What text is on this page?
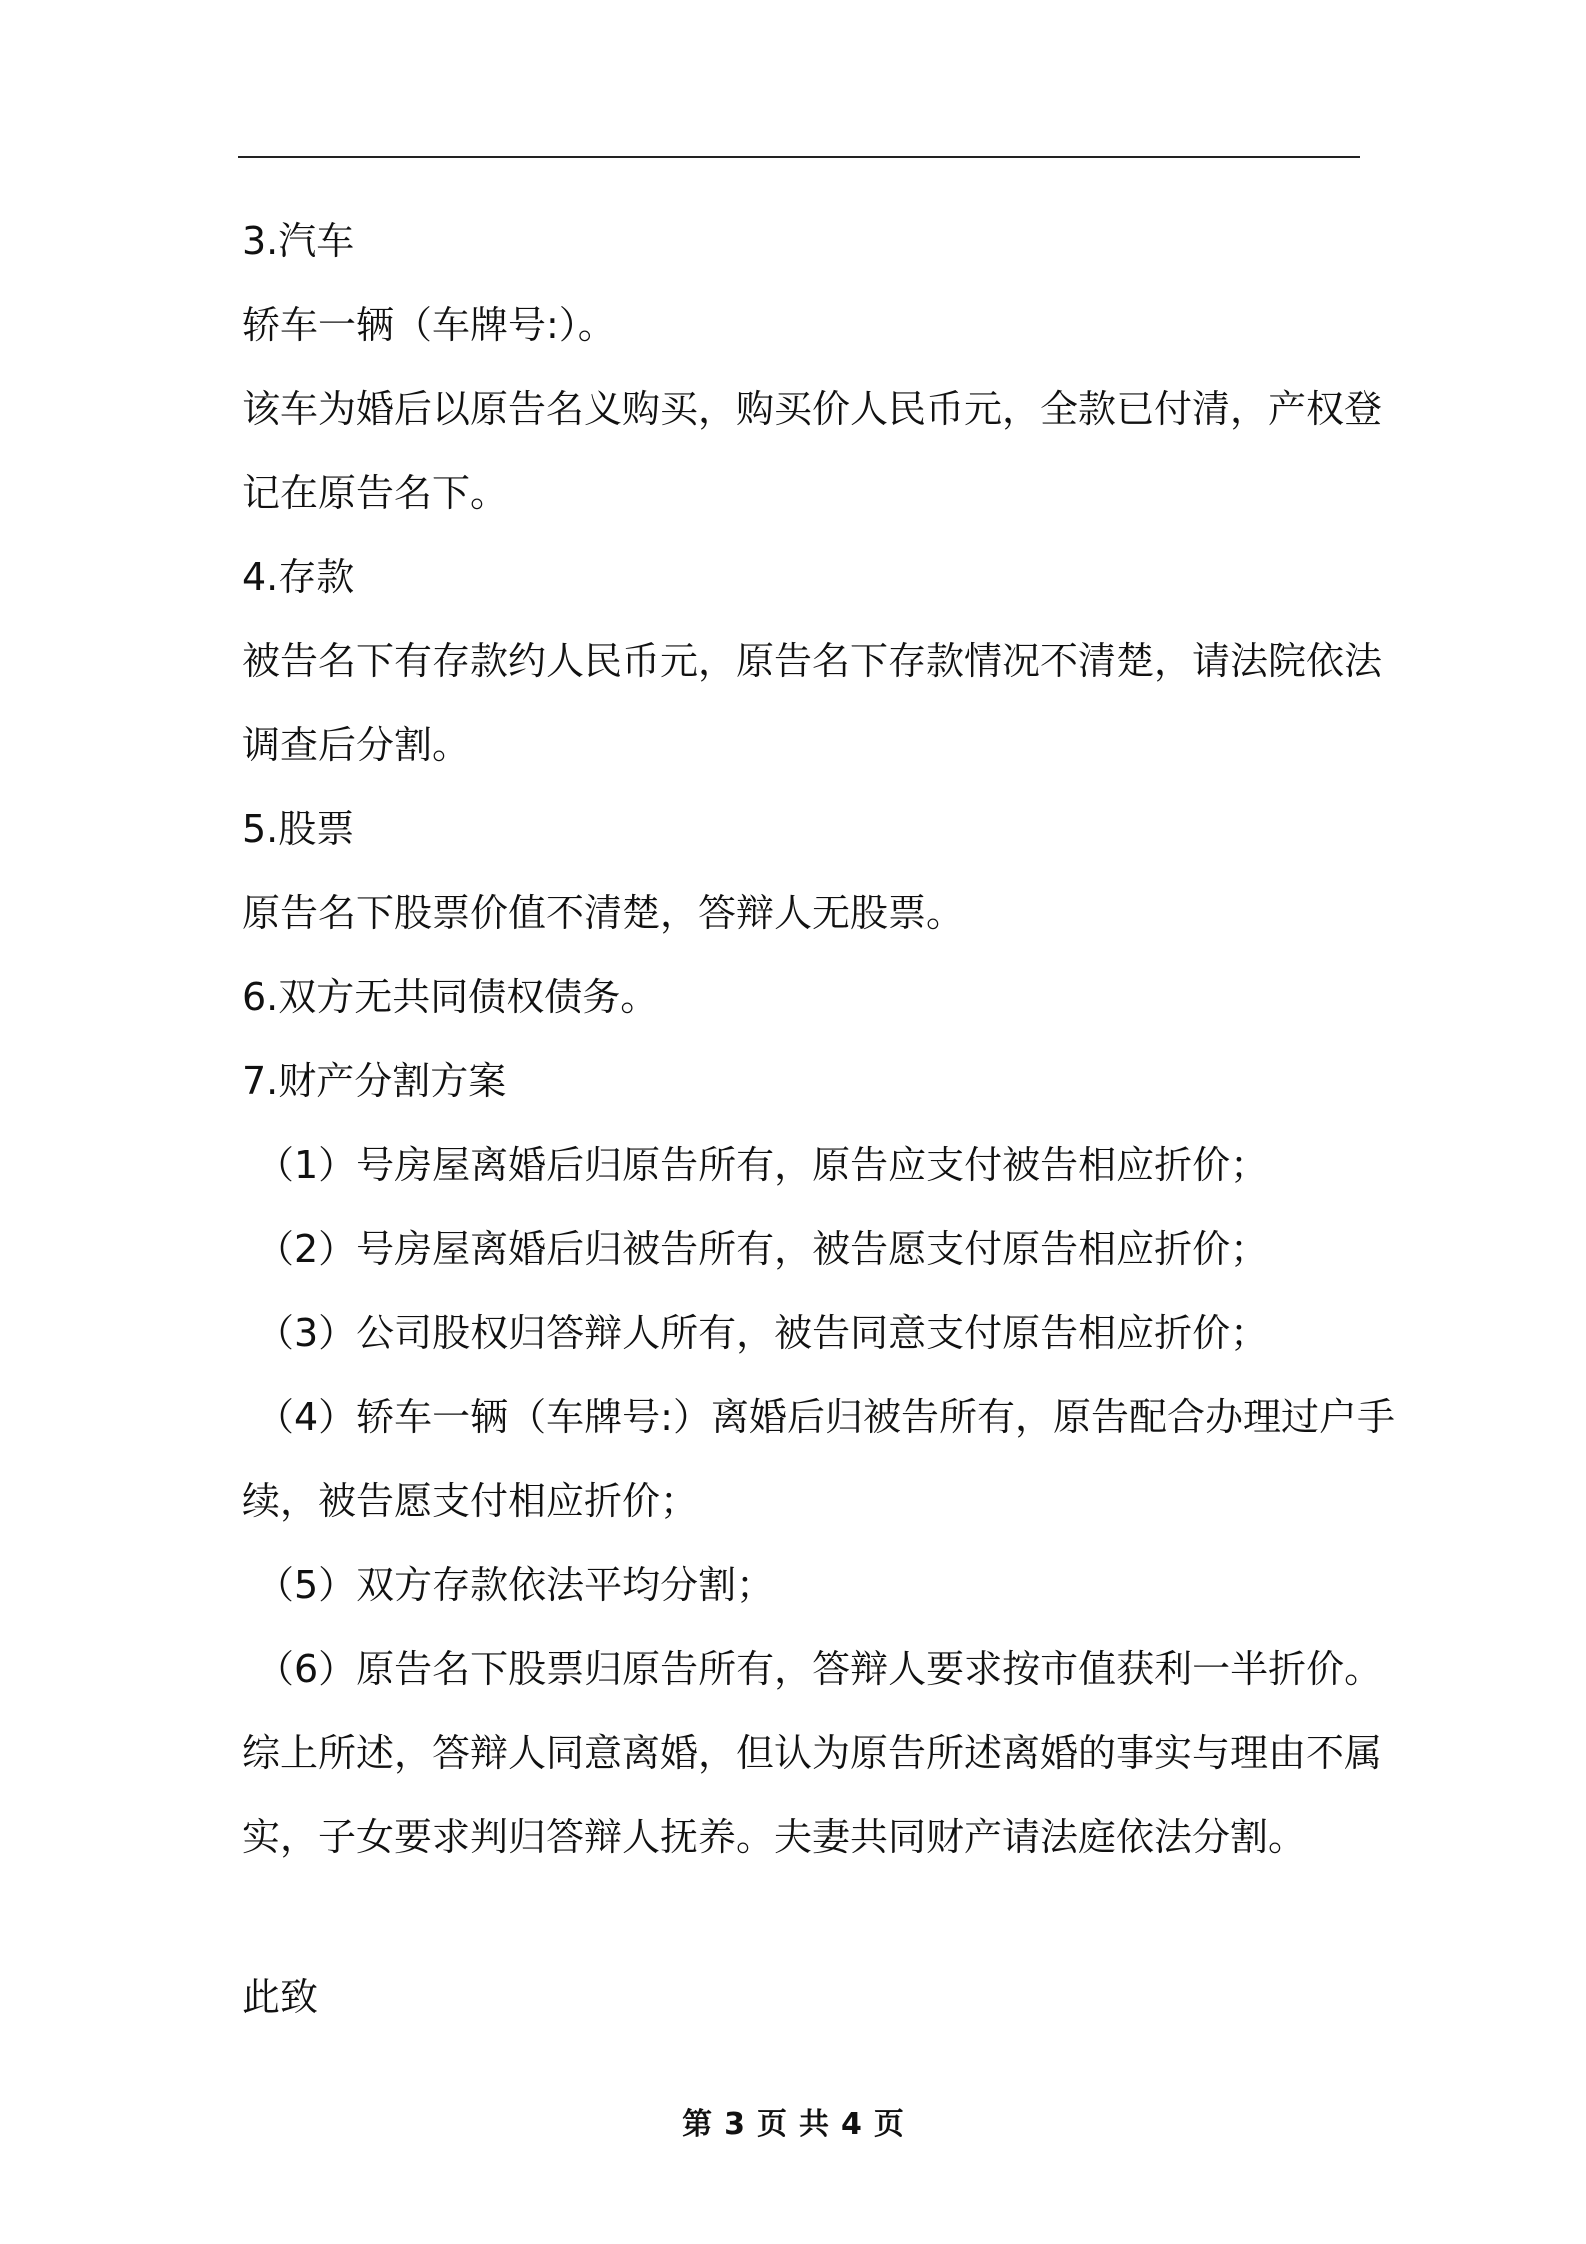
3.汽车
轿车一辆（车牌号:）。
该车为婚后以原告名义购买，购买价人民币元，全款已付清，产权登
记在原告名下。
4.存款
被告名下有存款约人民币元，原告名下存款情况不清楚，请法院依法
调查后分割。
5.股票
原告名下股票价值不清楚，答辩人无股票。
6.双方无共同债权债务。
7.财产分割方案
（1）号房屋离婚后归原告所有，原告应支付被告相应折价；
（2）号房屋离婚后归被告所有，被告愿支付原告相应折价；
（3）公司股权归答辩人所有，被告同意支付原告相应折价；
（4）轿车一辆（车牌号:）离婚后归被告所有，原告配合办理过户手
续，被告愿支付相应折价；
（5）双方存款依法平均分割；
（6）原告名下股票归原告所有，答辩人要求按市值获利一半折价。
综上所述，答辩人同意离婚，但认为原告所述离婚的事实与理由不属
实，子女要求判归答辩人抚养。夫妻共同财产请法庭依法分割。
此致
第 3 页 共 4 页
